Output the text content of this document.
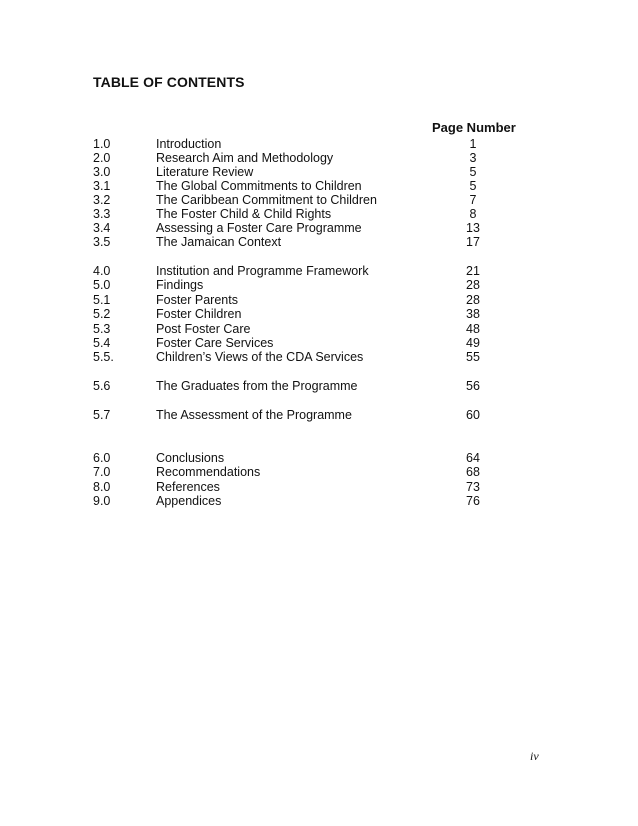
TABLE OF CONTENTS
Page Number
1.0	Introduction	1
2.0	Research Aim and Methodology	3
3.0	Literature Review	5
3.1	The Global Commitments to Children	5
3.2	The Caribbean Commitment to Children	7
3.3	The Foster Child & Child Rights	8
3.4	Assessing a Foster Care Programme	13
3.5	The Jamaican Context	17
4.0	Institution and Programme Framework	21
5.0	Findings	28
5.1	Foster Parents	28
5.2	Foster Children	38
5.3	Post Foster Care	48
5.4	Foster Care Services	49
5.5.	Children’s Views of the CDA Services	55
5.6	The Graduates from the Programme	56
5.7	The Assessment of the Programme	60
6.0	Conclusions	64
7.0	Recommendations	68
8.0	References	73
9.0	Appendices	76
iv
